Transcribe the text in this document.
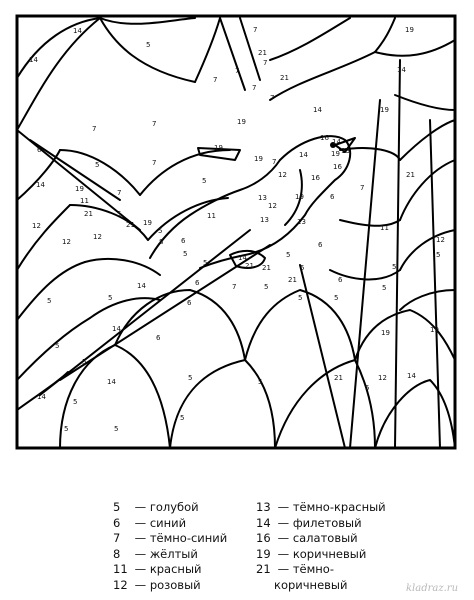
14
5
7
21
7
19
14
7
21
7
14
7
7
19
14
19
7
7
16 14
6	19
19 7
14	13
19
7
5	16
12	16
5
21
7
13
14	19	7	19	6
12
11
13
5
21
19
11
13
11
12	21
5
6
12	8
5	14	5
6
12
12
5	21 21	5
5
5
14	6	7	5
21	6
5	5
6
5	5
5
14
6
5
5
19	19
14
12
5	5	21
5
14
14
5
5	5
5
5 — голубой
6 — синий
7 — тёмно-синий
8 — жёлтый
11 — красный
12 — розовый
13 — тёмно-красный
14 — филетовый
16 — салатовый
19 — коричневый
21 — тёмно-
коричневый	kladraz.ru
